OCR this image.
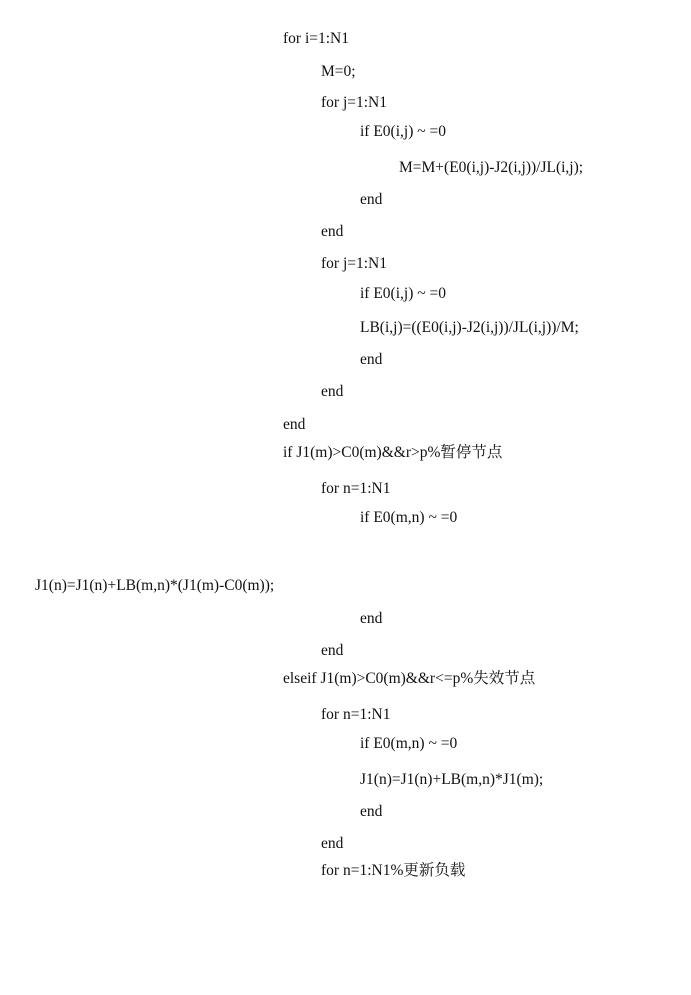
for i=1:N1
M=0;
for j=1:N1
if E0(i,j) ~ =0
M=M+(E0(i,j)-J2(i,j))/JL(i,j);
end
end
for j=1:N1
if E0(i,j) ~ =0
LB(i,j)=((E0(i,j)-J2(i,j))/JL(i,j))/M;
end
end
end
if J1(m)>C0(m)&&r>p%暂停节点
for n=1:N1
if E0(m,n) ~ =0
J1(n)=J1(n)+LB(m,n)*(J1(m)-C0(m));
end
end
elseif J1(m)>C0(m)&&r<=p%失效节点
for n=1:N1
if E0(m,n) ~ =0
J1(n)=J1(n)+LB(m,n)*J1(m);
end
end
for n=1:N1%更新负载
